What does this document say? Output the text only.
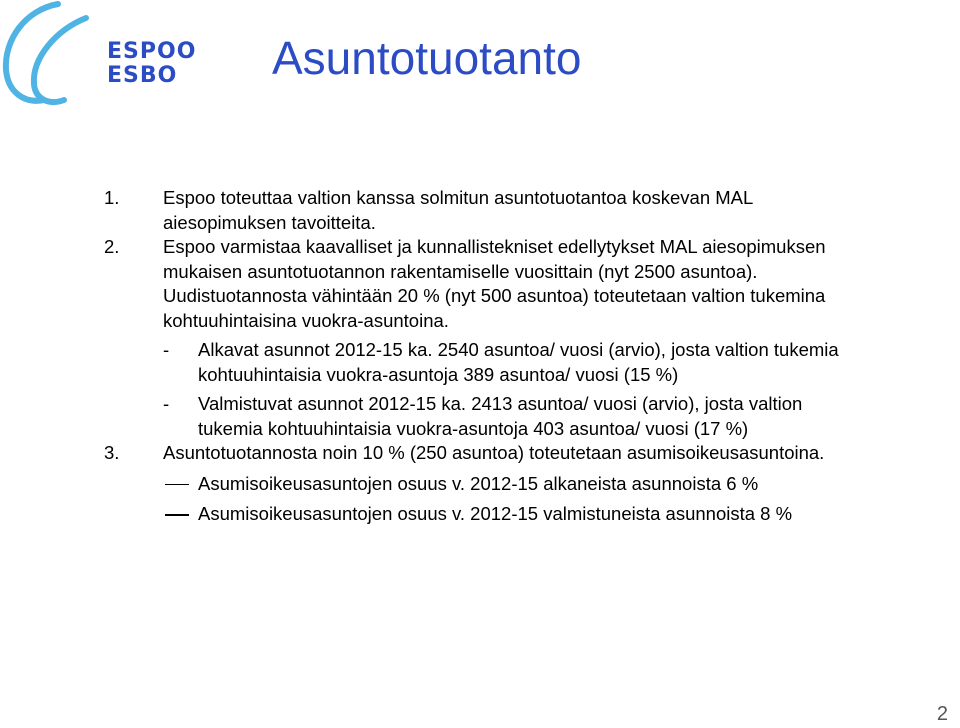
ESPOO
ESBO	Asuntotuotanto
1. Espoo toteuttaa valtion kanssa solmitun asuntotuotantoa koskevan MAL
aiesopimuksen tavoitteita.
2. Espoo varmistaa kaavalliset ja kunnallistekniset edellytykset MAL aiesopimuksen
mukaisen asuntotuotannon rakentamiselle vuosittain (nyt 2500 asuntoa).
Uudistuotannosta vähintään 20 % (nyt 500 asuntoa) toteutetaan valtion tukemina
kohtuuhintaisina vuokra-asuntoina.
- Alkavat asunnot 2012-15 ka. 2540 asuntoa/ vuosi (arvio), josta valtion tukemia
kohtuuhintaisia vuokra-asuntoja 389 asuntoa/ vuosi (15 %)
- Valmistuvat asunnot 2012-15 ka. 2413 asuntoa/ vuosi (arvio), josta valtion
tukemia kohtuuhintaisia vuokra-asuntoja 403 asuntoa/ vuosi (17 %)
3. Asuntotuotannosta noin 10 % (250 asuntoa) toteutetaan asumisoikeusasuntoina.
Asumisoikeusasuntojen osuus v. 2012-15 alkaneista asunnoista 6 %
Asumisoikeusasuntojen osuus v. 2012-15 valmistuneista asunnoista 8 %
2
